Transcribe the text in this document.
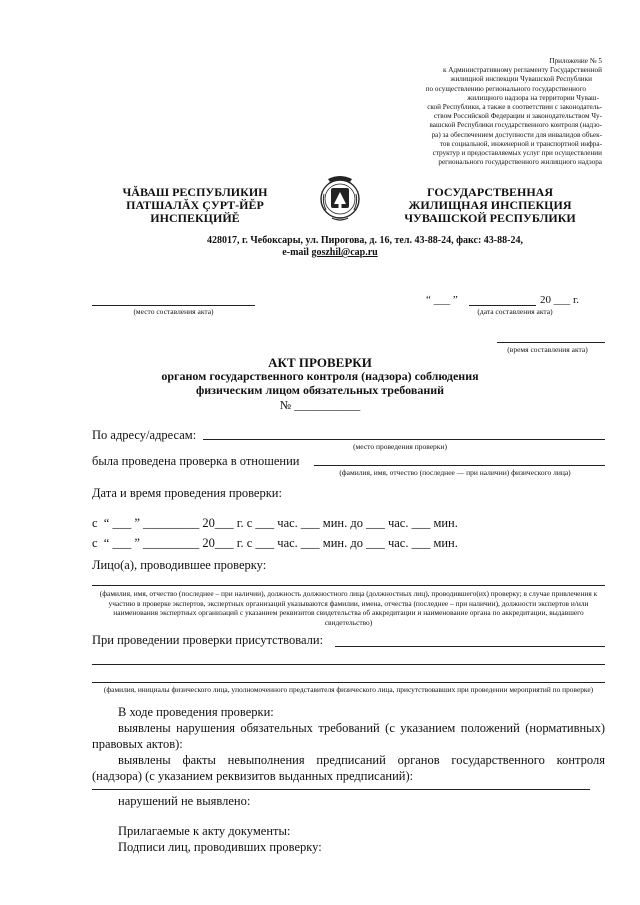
Приложение № 5
к Административному регламенту Государственной
жилищной инспекции Чувашской Республики
по осуществлению регионального государственного
жилищного надзора на территории Чуваш-
ской Республики, а также в соответствии с законодатель-
ством Российской Федерации и законодательством Чу-
вашской Республики государственного контроля (надзо-
ра) за обеспечением доступности для инвалидов объек-
тов социальной, инженерной и транспортной инфра-
структур и предоставляемых услуг при осуществлении
регионального государственного жилищного надзора
ЧĂВАШ РЕСПУБЛИКИН
ПАТШАЛĂХ ÇУРТ-ЙĔР
ИНСПЕКЦИЙĔ
ГОСУДАРСТВЕННАЯ
ЖИЛИЩНАЯ ИНСПЕКЦИЯ
ЧУВАШСКОЙ РЕСПУБЛИКИ
428017, г. Чебоксары, ул. Пирогова, д. 16, тел. 43-88-24, факс: 43-88-24,
e-mail goszhil@cap.ru
(место составления акта)
“ ___ ”	20 ___ г.
(дата составления акта)
(время составления акта)
АКТ ПРОВЕРКИ
органом государственного контроля (надзора) соблюдения
физическим лицом обязательных требований
№ ___________
По адресу/адресам:
(место проведения проверки)
была проведена проверка в отношении
(фамилия, имя, отчество (последнее — при наличии) физического лица)
Дата и время проведения проверки:
с  “ ___ ” _________ 20___ г. с ___ час. ___ мин. до ___ час. ___ мин.
с  “ ___ ” _________ 20___ г. с ___ час. ___ мин. до ___ час. ___ мин.
Лицо(а), проводившее проверку:
(фамилия, имя, отчество (последнее – при наличии), должность должностного лица (должностных лиц), проводившего(их) проверку; в случае привлечения к участию в проверке экспертов, экспертных организаций указываются фамилии, имена, отчества (последнее – при наличии), должности экспертов и/или наименования экспертных организаций с указанием реквизитов свидетельства об аккредитации и наименование органа по аккредитации, выдавшего свидетельство)
При проведении проверки присутствовали:
(фамилия, инициалы физического лица, уполномоченного представителя физического лица, присутствовавших при проведении мероприятий по проверке)
В ходе проведения проверки:
выявлены нарушения обязательных требований (с указанием положений (нормативных) правовых актов):
выявлены факты невыполнения предписаний органов государственного контроля (надзора) (с указанием реквизитов выданных предписаний):
нарушений не выявлено:
Прилагаемые к акту документы:
Подписи лиц, проводивших проверку:
